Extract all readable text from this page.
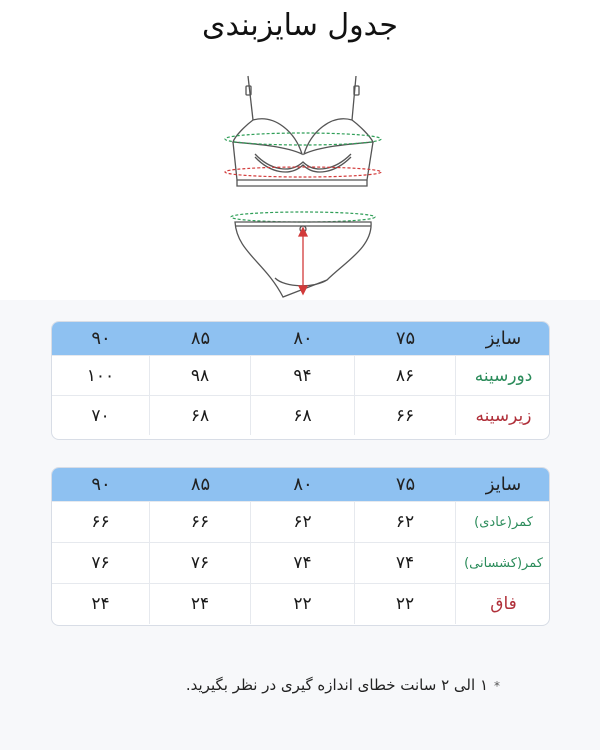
جدول سایزبندی
۹۰	۸۵	۸۰	۷۵	سایز
۱۰۰	۹۸	۹۴	۸۶	دورسینه
۷۰	۶۸	۶۸	۶۶	زیرسینه
۹۰	۸۵	۸۰	۷۵	سایز
۶۶	۶۶	۶۲	۶۲	کمر(عادی)
۷۶	۷۶	۷۴	۷۴	کمر(کشسانی)
۲۴	۲۴	۲۲	۲۲	فاق
*۱ الی ۲ سانت خطای اندازه گیری در نظر بگیرید.
